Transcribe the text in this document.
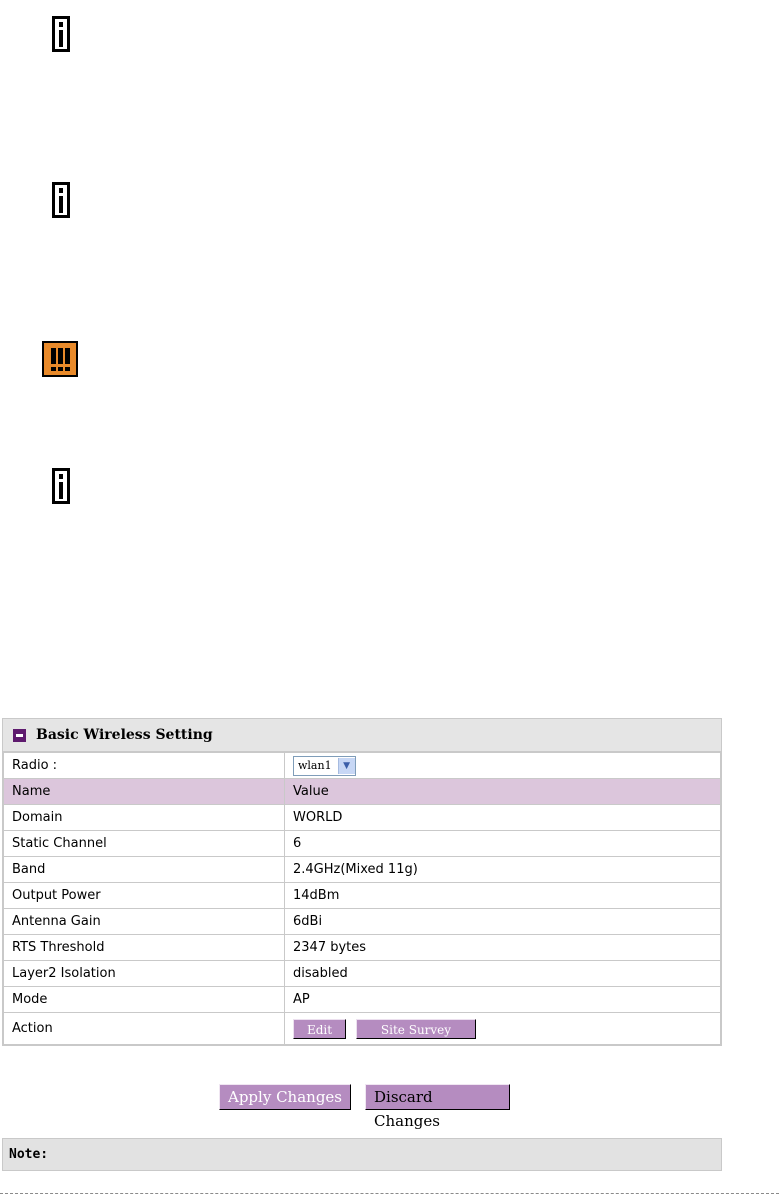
Basic Wireless Setting
Radio :	wlan1 ▼

Name	Value
Domain	WORLD
Static Channel	6
Band	2.4GHz(Mixed 11g)
Output Power	14dBm
Antenna Gain	6dBi
RTS Threshold	2347 bytes
Layer2 Isolation	disabled
Mode	AP
Action	Edit Site Survey
Apply Changes	Discard Changes
Note:
